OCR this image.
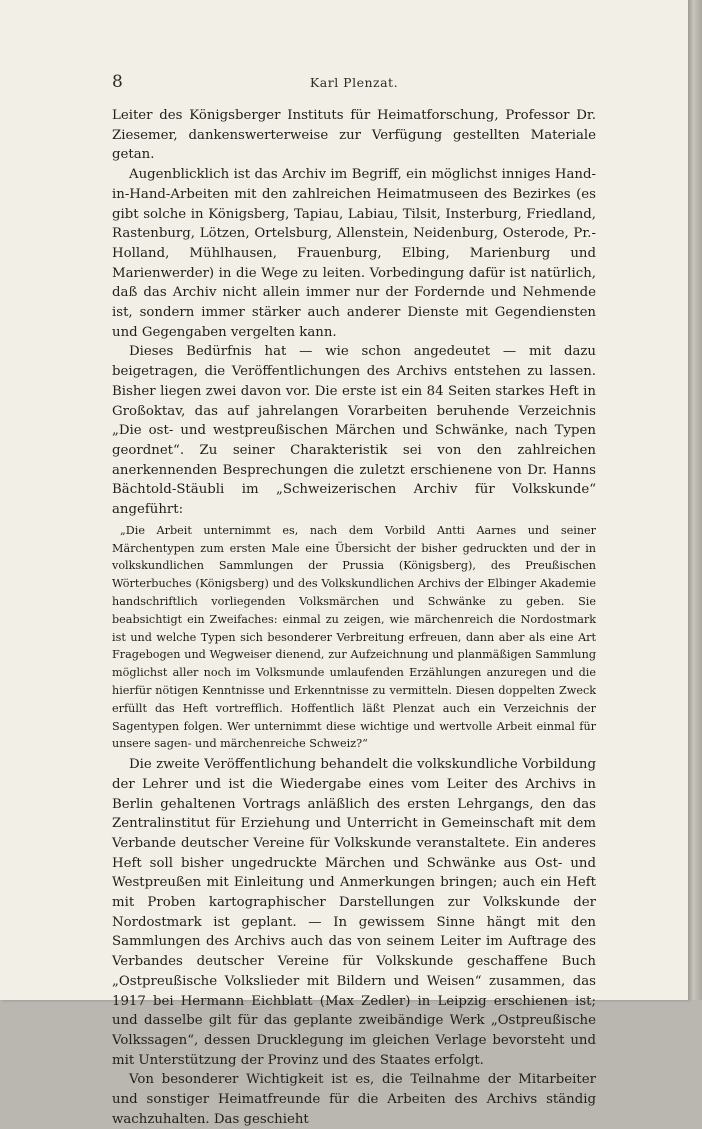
8	Karl Plenzat.

Leiter des Königsberger Instituts für Heimatforschung, Professor Dr. Ziesemer, dankenswerterweise zur Verfügung gestellten Materiale getan.

Augenblicklich ist das Archiv im Begriff, ein möglichst inniges Hand-in-Hand-Arbeiten mit den zahlreichen Heimatmuseen des Bezirkes (es gibt solche in Königsberg, Tapiau, Labiau, Tilsit, Insterburg, Friedland, Rastenburg, Lötzen, Ortelsburg, Allenstein, Neidenburg, Osterode, Pr.-Holland, Mühlhausen, Frauenburg, Elbing, Marienburg und Marienwerder) in die Wege zu leiten. Vorbedingung dafür ist natürlich, daß das Archiv nicht allein immer nur der Fordernde und Nehmende ist, sondern immer stärker auch anderer Dienste mit Gegendiensten und Gegengaben vergelten kann.

Dieses Bedürfnis hat — wie schon angedeutet — mit dazu beigetragen, die Veröffentlichungen des Archivs entstehen zu lassen. Bisher liegen zwei davon vor. Die erste ist ein 84 Seiten starkes Heft in Großoktav, das auf jahrelangen Vorarbeiten beruhende Verzeichnis „Die ost- und westpreußischen Märchen und Schwänke, nach Typen geordnet“. Zu seiner Charakteristik sei von den zahlreichen anerkennenden Besprechungen die zuletzt erschienene von Dr. Hanns Bächtold-Stäubli im „Schweizerischen Archiv für Volkskunde“ angeführt:

„Die Arbeit unternimmt es, nach dem Vorbild Antti Aarnes und seiner Märchentypen zum ersten Male eine Übersicht der bisher gedruckten und der in volkskundlichen Sammlungen der Prussia (Königsberg), des Preußischen Wörterbuches (Königsberg) und des Volkskundlichen Archivs der Elbinger Akademie handschriftlich vorliegenden Volksmärchen und Schwänke zu geben. Sie beabsichtigt ein Zweifaches: einmal zu zeigen, wie märchenreich die Nordostmark ist und welche Typen sich besonderer Verbreitung erfreuen, dann aber als eine Art Fragebogen und Wegweiser dienend, zur Aufzeichnung und planmäßigen Sammlung möglichst aller noch im Volksmunde umlaufenden Erzählungen anzuregen und die hierfür nötigen Kenntnisse und Erkenntnisse zu vermitteln. Diesen doppelten Zweck erfüllt das Heft vortrefflich. Hoffentlich läßt Plenzat auch ein Verzeichnis der Sagentypen folgen. Wer unternimmt diese wichtige und wertvolle Arbeit einmal für unsere sagen- und märchenreiche Schweiz?“

Die zweite Veröffentlichung behandelt die volkskundliche Vorbildung der Lehrer und ist die Wiedergabe eines vom Leiter des Archivs in Berlin gehaltenen Vortrags anläßlich des ersten Lehrgangs, den das Zentralinstitut für Erziehung und Unterricht in Gemeinschaft mit dem Verbande deutscher Vereine für Volkskunde veranstaltete. Ein anderes Heft soll bisher ungedruckte Märchen und Schwänke aus Ost- und Westpreußen mit Einleitung und Anmerkungen bringen; auch ein Heft mit Proben kartographischer Darstellungen zur Volkskunde der Nordostmark ist geplant. — In gewissem Sinne hängt mit den Sammlungen des Archivs auch das von seinem Leiter im Auftrage des Verbandes deutscher Vereine für Volkskunde geschaffene Buch „Ostpreußische Volkslieder mit Bildern und Weisen“ zusammen, das 1917 bei Hermann Eichblatt (Max Zedler) in Leipzig erschienen ist; und dasselbe gilt für das geplante zweibändige Werk „Ostpreußische Volkssagen“, dessen Drucklegung im gleichen Verlage bevorsteht und mit Unterstützung der Provinz und des Staates erfolgt.

Von besonderer Wichtigkeit ist es, die Teilnahme der Mitarbeiter und sonstiger Heimatfreunde für die Arbeiten des Archivs ständig wachzuhalten. Das geschieht
